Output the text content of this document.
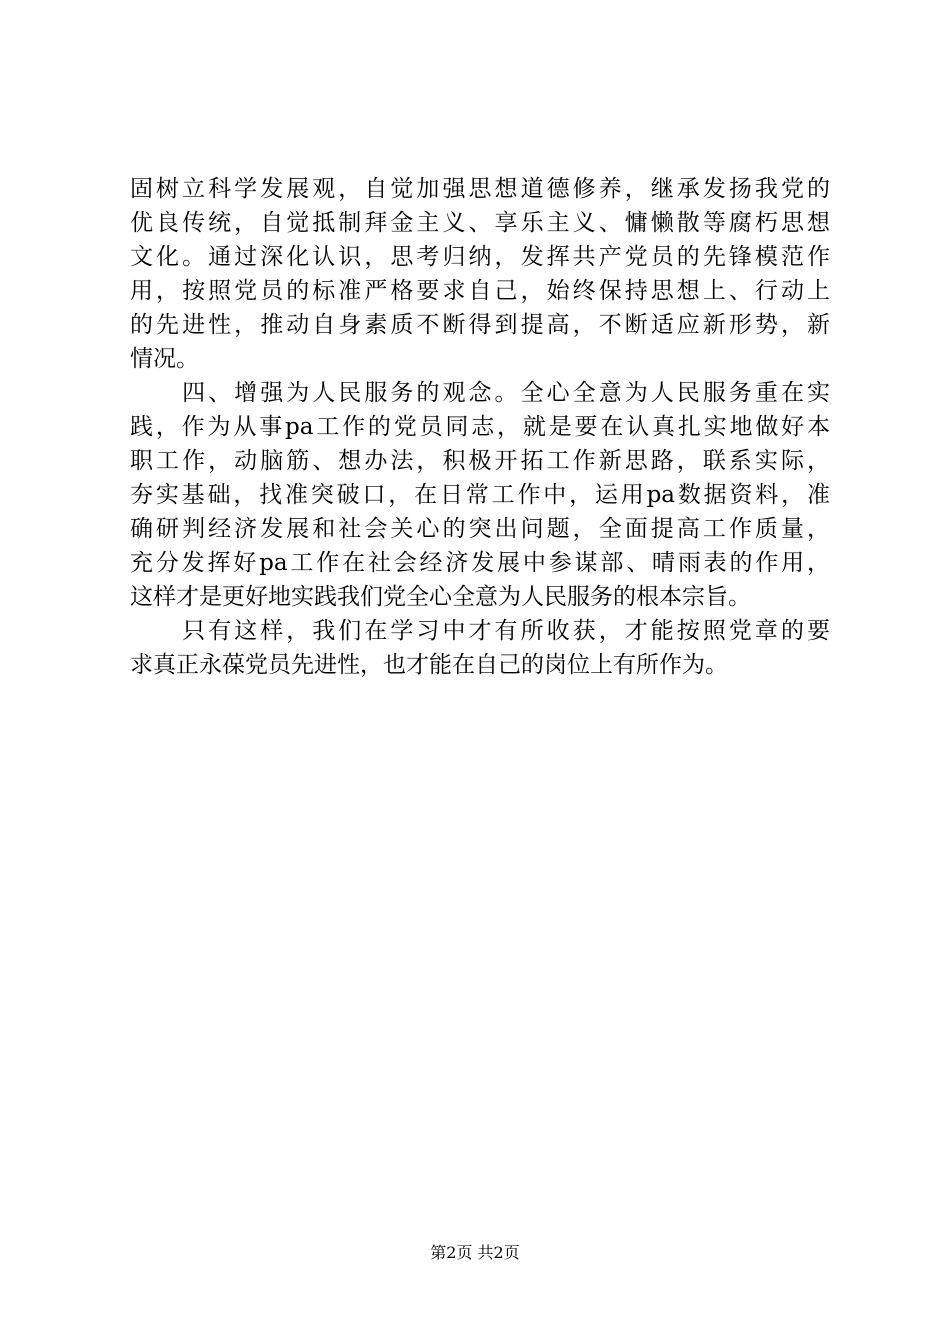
固树立科学发展观，自觉加强思想道德修养，继承发扬我党的
优良传统，自觉抵制拜金主义、享乐主义、慵懒散等腐朽思想
文化。通过深化认识，思考归纳，发挥共产党员的先锋模范作
用，按照党员的标准严格要求自己，始终保持思想上、行动上
的先进性，推动自身素质不断得到提高，不断适应新形势，新
情况。
　　四、增强为人民服务的观念。全心全意为人民服务重在实
践，作为从事pa工作的党员同志，就是要在认真扎实地做好本
职工作，动脑筋、想办法，积极开拓工作新思路，联系实际，
夯实基础，找准突破口，在日常工作中，运用pa数据资料，准
确研判经济发展和社会关心的突出问题，全面提高工作质量，
充分发挥好pa工作在社会经济发展中参谋部、晴雨表的作用，
这样才是更好地实践我们党全心全意为人民服务的根本宗旨。
　　只有这样，我们在学习中才有所收获，才能按照党章的要
求真正永葆党员先进性，也才能在自己的岗位上有所作为。
第2页 共2页
